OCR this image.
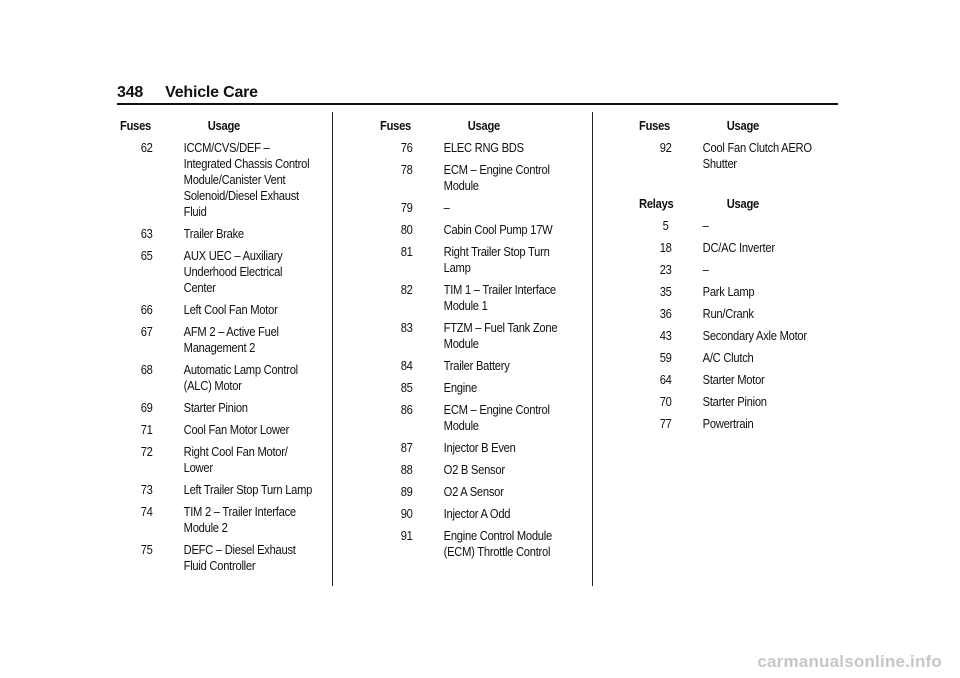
348 Vehicle Care
Fuses	Usage
62	ICCM/CVS/DEF – Integrated Chassis Control Module/Canister Vent Solenoid/Diesel Exhaust Fluid
63	Trailer Brake
65	AUX UEC – Auxiliary Underhood Electrical Center
66	Left Cool Fan Motor
67	AFM 2 – Active Fuel Management 2
68	Automatic Lamp Control (ALC) Motor
69	Starter Pinion
71	Cool Fan Motor Lower
72	Right Cool Fan Motor/ Lower
73	Left Trailer Stop Turn Lamp
74	TIM 2 – Trailer Interface Module 2
75	DEFC – Diesel Exhaust Fluid Controller
Fuses	Usage
76	ELEC RNG BDS
78	ECM – Engine Control Module
79	–
80	Cabin Cool Pump 17W
81	Right Trailer Stop Turn Lamp
82	TIM 1 – Trailer Interface Module 1
83	FTZM – Fuel Tank Zone Module
84	Trailer Battery
85	Engine
86	ECM – Engine Control Module
87	Injector B Even
88	O2 B Sensor
89	O2 A Sensor
90	Injector A Odd
91	Engine Control Module (ECM) Throttle Control
Fuses	Usage
92	Cool Fan Clutch AERO Shutter
Relays	Usage
5	–
18	DC/AC Inverter
23	–
35	Park Lamp
36	Run/Crank
43	Secondary Axle Motor
59	A/C Clutch
64	Starter Motor
70	Starter Pinion
77	Powertrain
carmanualsonline.info
